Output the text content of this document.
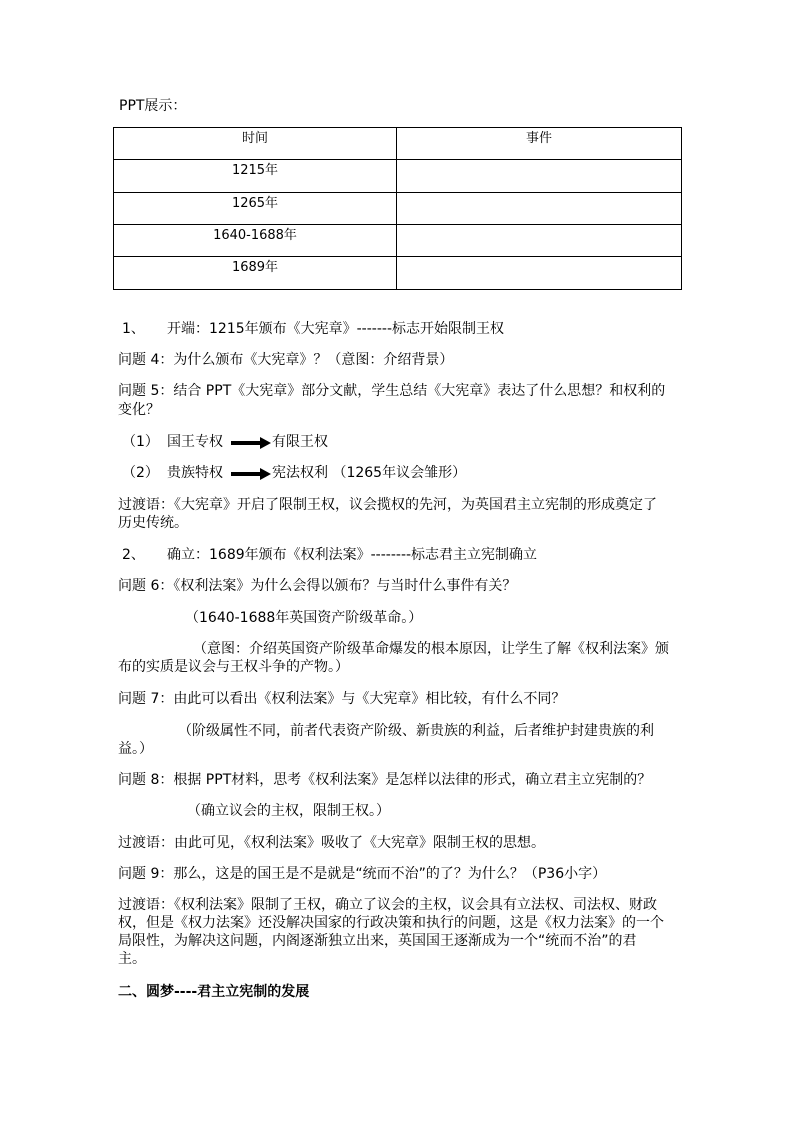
PPT展示：
时间	事件
1215年	
1265年	
1640-1688年	
1689年	
1、 开端：1215年颁布《大宪章》-------标志开始限制王权
问题 4：为什么颁布《大宪章》？（意图：介绍背景）
问题 5：结合 PPT《大宪章》部分文献，学生总结《大宪章》表达了什么思想？和权利的
变化？
（1） 国王专权	有限王权
（2） 贵族特权	宪法权利 （1265年议会雏形）
过渡语：《大宪章》开启了限制王权，议会揽权的先河，为英国君主立宪制的形成奠定了
历史传统。
2、 确立：1689年颁布《权利法案》--------标志君主立宪制确立
问题 6：《权利法案》为什么会得以颁布？与当时什么事件有关？
（1640-1688年英国资产阶级革命。）
（意图：介绍英国资产阶级革命爆发的根本原因，让学生了解《权利法案》颁
布的实质是议会与王权斗争的产物。）
问题 7：由此可以看出《权利法案》与《大宪章》相比较，有什么不同？
（阶级属性不同，前者代表资产阶级、新贵族的利益，后者维护封建贵族的利
益。）
问题 8：根据 PPT材料，思考《权利法案》是怎样以法律的形式，确立君主立宪制的？
（确立议会的主权，限制王权。）
过渡语：由此可见，《权利法案》吸收了《大宪章》限制王权的思想。
问题 9：那么，这是的国王是不是就是“统而不治”的了？为什么？（P36小字）
过渡语：《权利法案》限制了王权，确立了议会的主权，议会具有立法权、司法权、财政
权，但是《权力法案》还没解决国家的行政决策和执行的问题，这是《权力法案》的一个
局限性，为解决这问题，内阁逐渐独立出来，英国国王逐渐成为一个“统而不治”的君
主。
二、圆梦----君主立宪制的发展
